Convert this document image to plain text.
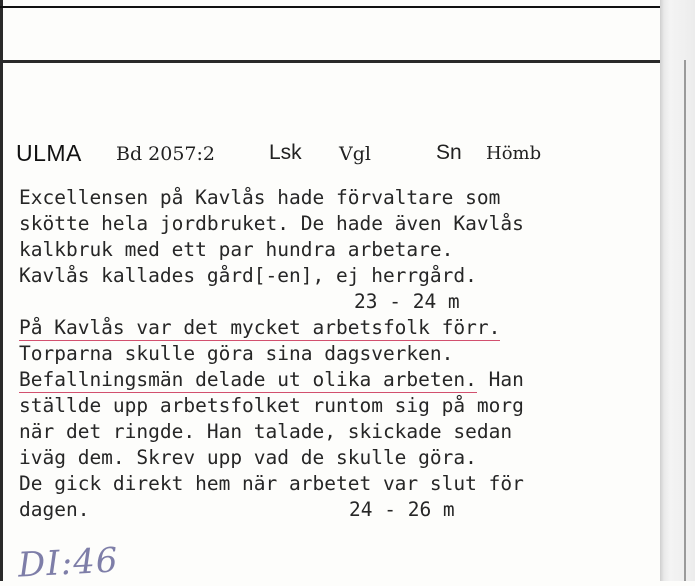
ULMA Bd 2057:2	Lsk Vgl	Sn Hömb
Excellensen på Kavlås hade förvaltare som
skötte hela jordbruket. De hade även Kavlås
kalkbruk med ett par hundra arbetare.
Kavlås kallades gård[-en], ej herrgård.
23 - 24 m
På Kavlås var det mycket arbetsfolk förr.
Torparna skulle göra sina dagsverken.
Befallningsmän delade ut olika arbeten. Han
ställde upp arbetsfolket runtom sig på morg
när det ringde. Han talade, skickade sedan
iväg dem. Skrev upp vad de skulle göra.
De gick direkt hem när arbetet var slut för
dagen.	24 - 26 m
DI:46
